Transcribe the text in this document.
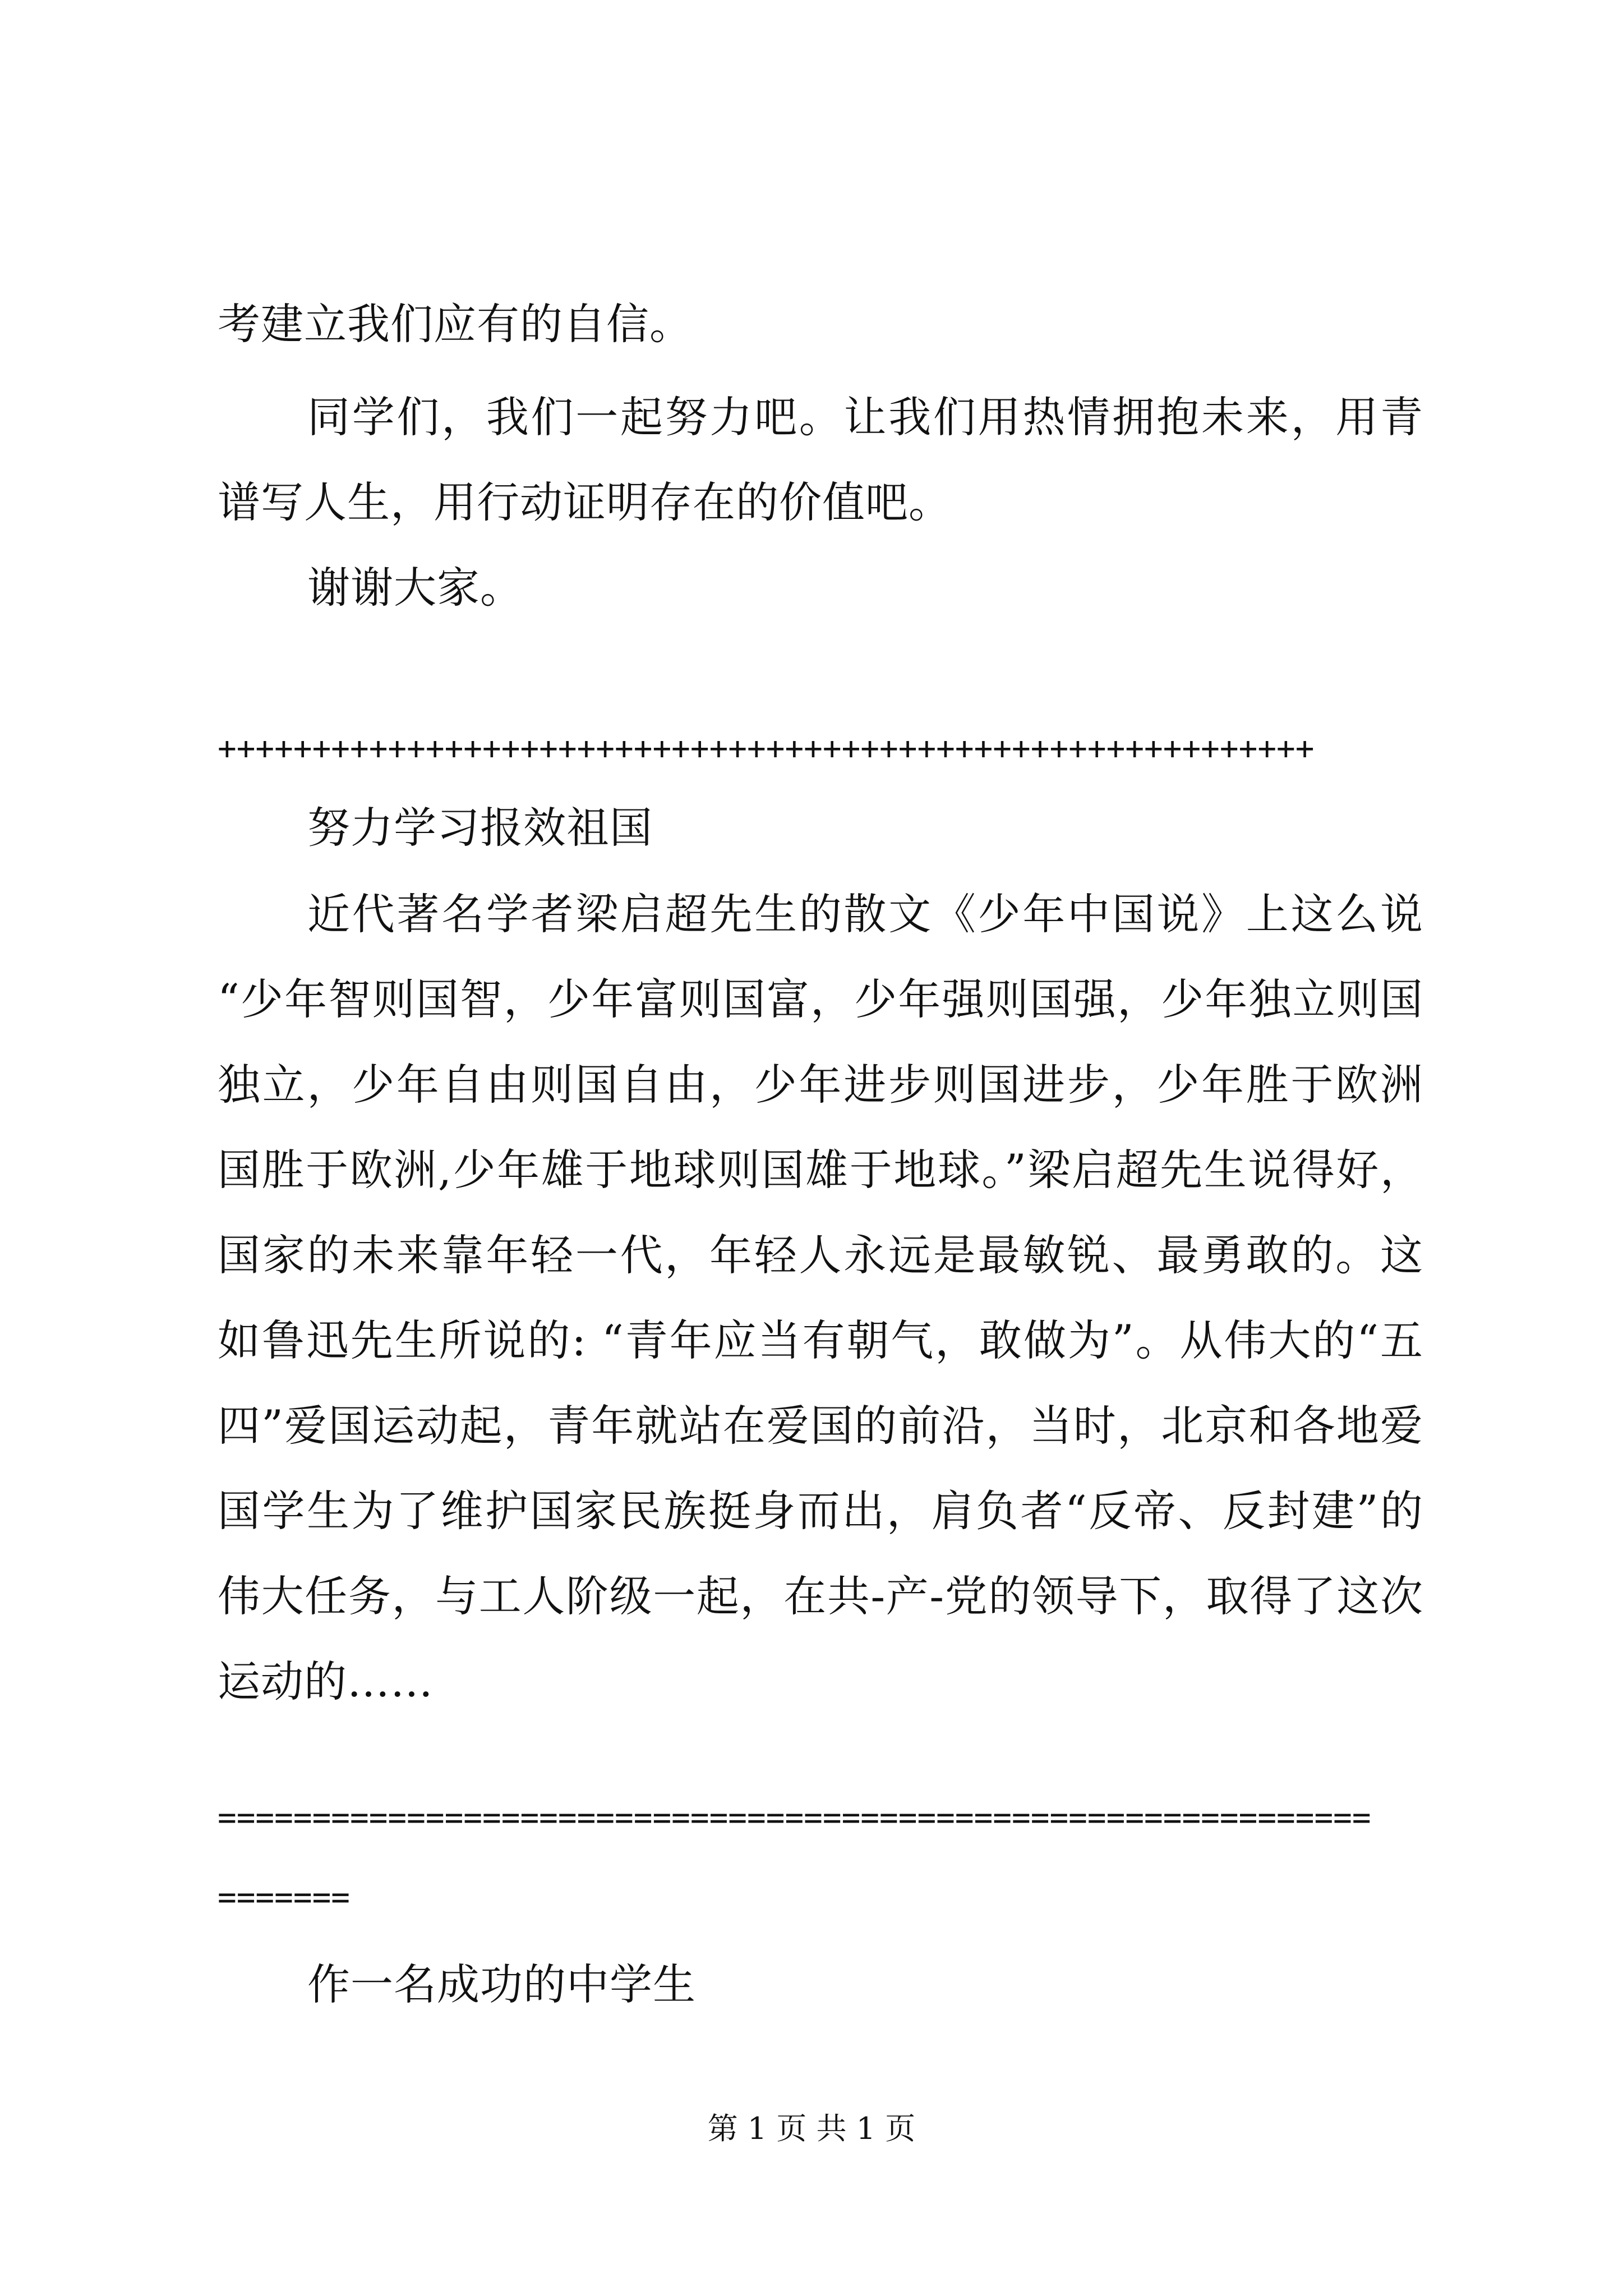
考建立我们应有的自信。
同学们，我们一起努力吧。让我们用热情拥抱未来，用青
谱写人生，用行动证明存在的价值吧。
谢谢大家。
++++++++++++++++++++++++++++++++++++++++++++++++++++++++++
努力学习报效祖国
近代著名学者梁启超先生的散文《少年中国说》上这么说
“少年智则国智，少年富则国富，少年强则国强，少年独立则国
独立，少年自由则国自由，少年进步则国进步，少年胜于欧洲
国胜于欧洲,少年雄于地球则国雄于地球。”梁启超先生说得好，
国家的未来靠年轻一代，年轻人永远是最敏锐、最勇敢的。这
如鲁迅先生所说的: “青年应当有朝气，敢做为”。从伟大的“五
四”爱国运动起，青年就站在爱国的前沿，当时，北京和各地爱
国学生为了维护国家民族挺身而出，肩负者“反帝、反封建”的
伟大任务，与工人阶级一起，在共-产-党的领导下，取得了这次
运动的……
=============================================================
=======
作一名成功的中学生
第 1 页 共 1 页
